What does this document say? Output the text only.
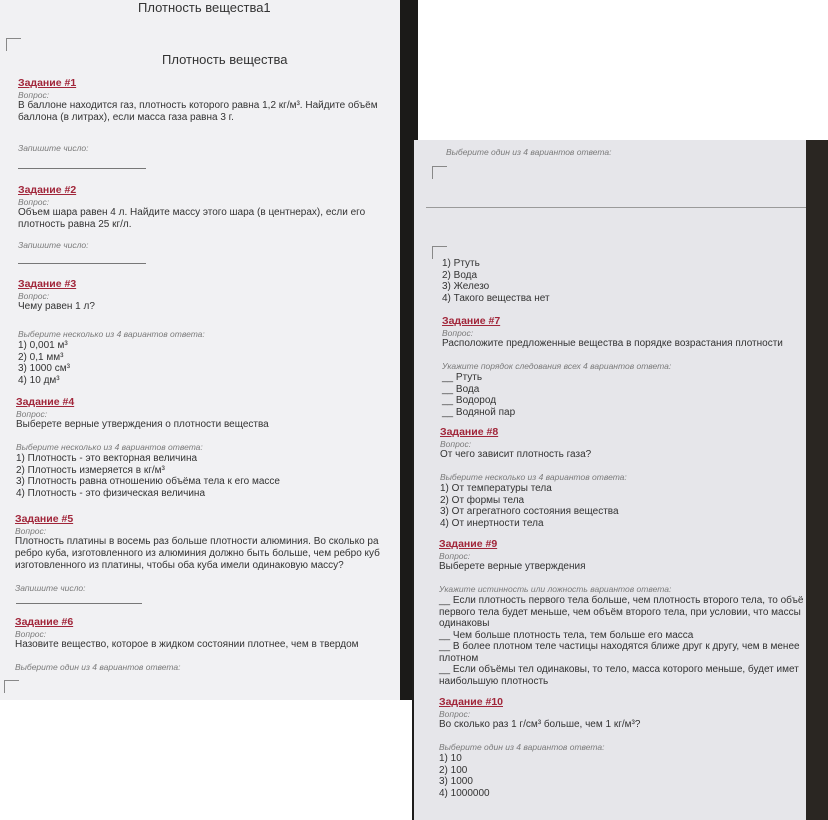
Плотность вещества1
Плотность вещества
Задание #1
Вопрос:
В баллоне находится газ, плотность которого равна 1,2 кг/м³. Найдите объём баллона (в литрах), если масса газа равна 3 г.
Запишите число:
Задание #2
Вопрос:
Объем шара равен 4 л. Найдите массу этого шара (в центнерах), если его плотность равна 25 кг/л.
Запишите число:
Задание #3
Вопрос:
Чему равен 1 л?
Выберите несколько из 4 вариантов ответа:
1) 0,001 м³
2) 0,1 мм³
3) 1000 см³
4) 10 дм³
Задание #4
Вопрос:
Выберете верные утверждения о плотности вещества
Выберите несколько из 4 вариантов ответа:
1) Плотность - это векторная величина
2) Плотность измеряется в кг/м³
3) Плотность равна отношению объёма тела к его массе
4) Плотность - это физическая величина
Задание #5
Вопрос:
Плотность платины в восемь раз больше плотности алюминия. Во сколько ра
ребро куба, изготовленного из алюминия должно быть больше, чем ребро куб
изготовленного из платины, чтобы оба куба имели одинаковую массу?
Запишите число:
Задание #6
Вопрос:
Назовите вещество, которое в жидком состоянии плотнее, чем в твердом
Выберите один из 4 вариантов ответа:
Выберите один из 4 вариантов ответа:
1) Ртуть
2) Вода
3) Железо
4) Такого вещества нет
Задание #7
Вопрос:
Расположите предложенные вещества в порядке возрастания плотности
Укажите порядок следования всех 4 вариантов ответа:
__ Ртуть
__ Вода
__ Водород
__ Водяной пар
Задание #8
Вопрос:
От чего зависит плотность газа?
Выберите несколько из 4 вариантов ответа:
1) От температуры тела
2) От формы тела
3) От агрегатного состояния вещества
4) От инертности тела
Задание #9
Вопрос:
Выберете верные утверждения
Укажите истинность или ложность вариантов ответа:
__ Если плотность первого тела больше, чем плотность второго тела, то объё
первого тела будет меньше, чем объём второго тела, при условии, что массы
одинаковы
__ Чем больше плотность тела, тем больше его масса
__ В более плотном теле частицы находятся ближе друг к другу, чем в менее
плотном
__ Если объёмы тел одинаковы, то тело, масса которого меньше, будет имет
наибольшую плотность
Задание #10
Вопрос:
Во сколько раз 1 г/см³ больше, чем 1 кг/м³?
Выберите один из 4 вариантов ответа:
1) 10
2) 100
3) 1000
4) 1000000
